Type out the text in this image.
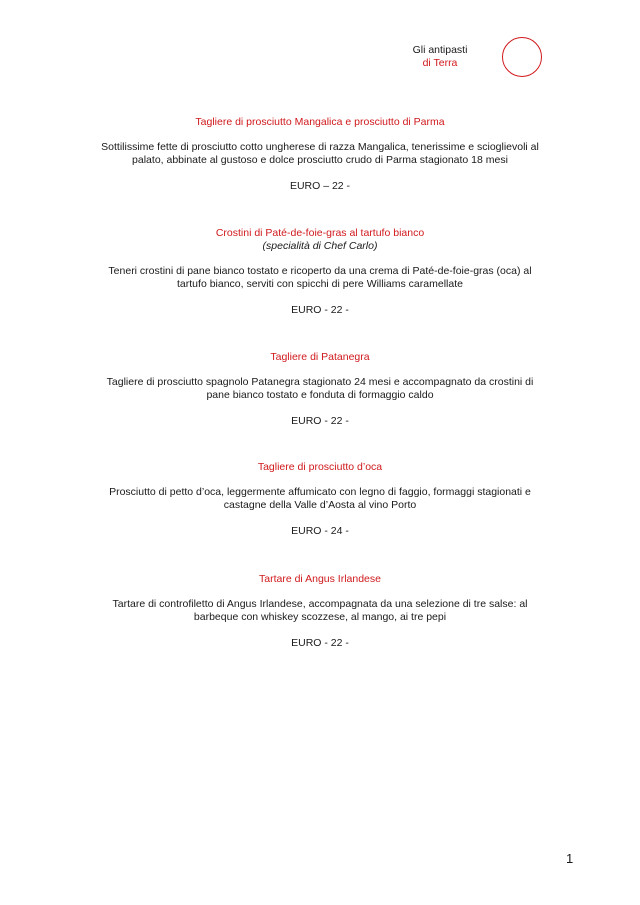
Gli antipasti
di Terra
Tagliere di prosciutto Mangalica e prosciutto di Parma
Sottilissime fette di prosciutto cotto ungherese di razza Mangalica, tenerissime e scioglievoli al
palato, abbinate al gustoso e dolce prosciutto crudo di Parma stagionato 18 mesi
EURO – 22 -
Crostini di Paté-de-foie-gras al tartufo bianco
(specialità di Chef Carlo)
Teneri crostini di pane bianco tostato e ricoperto da una crema di Paté-de-foie-gras (oca) al
tartufo bianco, serviti con spicchi di pere Williams caramellate
EURO - 22 -
Tagliere di Patanegra
Tagliere di prosciutto spagnolo Patanegra stagionato 24 mesi e accompagnato da crostini di
pane bianco tostato e fonduta di formaggio caldo
EURO - 22 -
Tagliere di prosciutto d’oca
Prosciutto di petto d’oca, leggermente affumicato con legno di faggio, formaggi stagionati e
castagne della Valle d’Aosta al vino Porto
EURO - 24 -
Tartare di Angus Irlandese
Tartare di controfiletto di Angus Irlandese, accompagnata da una selezione di tre salse: al
barbeque con whiskey scozzese, al mango, ai tre pepi
EURO - 22 -
1
